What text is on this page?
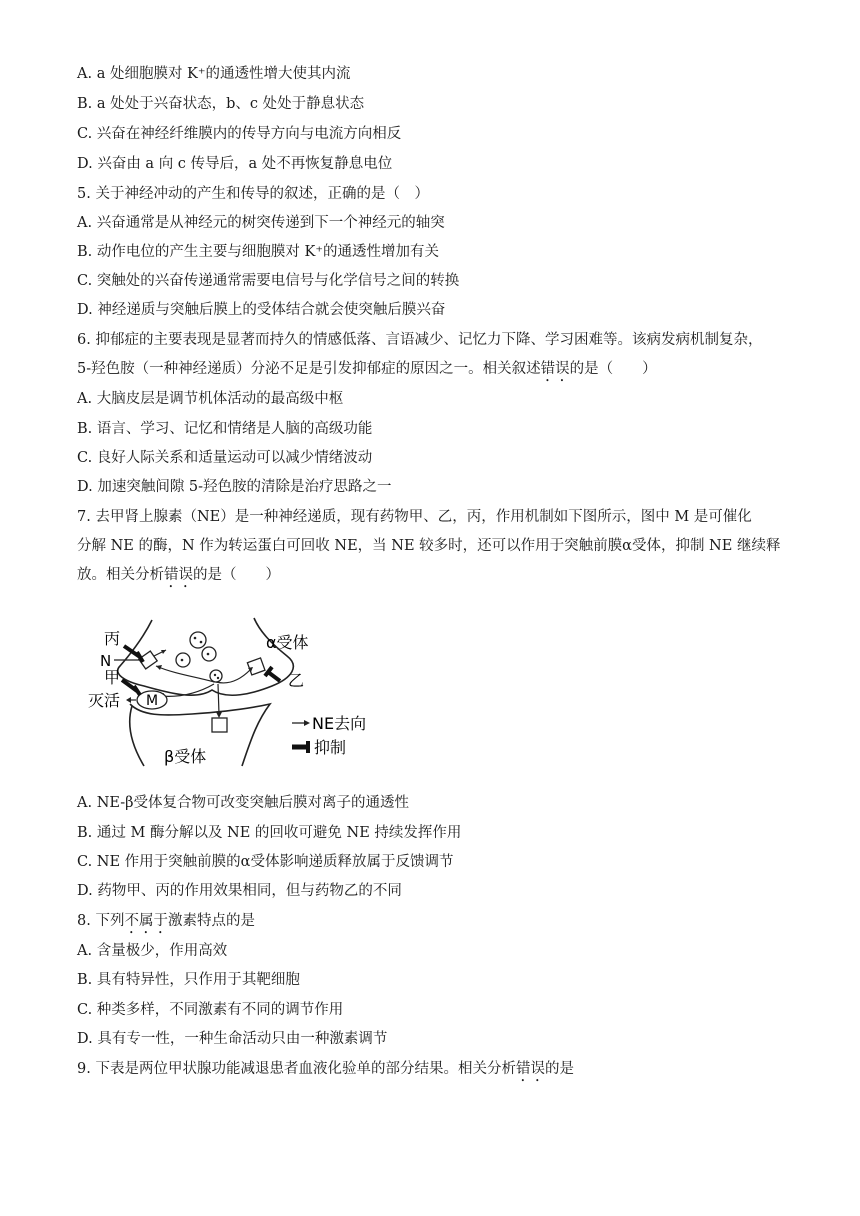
A. a 处细胞膜对 K⁺的通透性增大使其内流
B. a 处处于兴奋状态，b、c 处处于静息状态
C. 兴奋在神经纤维膜内的传导方向与电流方向相反
D. 兴奋由 a 向 c 传导后，a 处不再恢复静息电位
5. 关于神经冲动的产生和传导的叙述，正确的是（　）
A. 兴奋通常是从神经元的树突传递到下一个神经元的轴突
B. 动作电位的产生主要与细胞膜对 K⁺的通透性增加有关
C. 突触处的兴奋传递通常需要电信号与化学信号之间的转换
D. 神经递质与突触后膜上的受体结合就会使突触后膜兴奋
6. 抑郁症的主要表现是显著而持久的情感低落、言语减少、记忆力下降、学习困难等。该病发病机制复杂，
5-羟色胺（一种神经递质）分泌不足是引发抑郁症的原因之一。相关叙述错误的是（　　）
A. 大脑皮层是调节机体活动的最高级中枢
B. 语言、学习、记忆和情绪是人脑的高级功能
C. 良好人际关系和适量运动可以减少情绪波动
D. 加速突触间隙 5-羟色胺的清除是治疗思路之一
7. 去甲肾上腺素（NE）是一种神经递质，现有药物甲、乙，丙，作用机制如下图所示，图中 M 是可催化
分解 NE 的酶，N 作为转运蛋白可回收 NE，当 NE 较多时，还可以作用于突触前膜α受体，抑制 NE 继续释
放。相关分析错误的是（　　）
M
丙
N
甲
灭活
α受体
乙
β受体
NE去向
抑制
A. NE-β受体复合物可改变突触后膜对离子的通透性
B. 通过 M 酶分解以及 NE 的回收可避免 NE 持续发挥作用
C. NE 作用于突触前膜的α受体影响递质释放属于反馈调节
D. 药物甲、丙的作用效果相同，但与药物乙的不同
8. 下列不属于激素特点的是
A. 含量极少，作用高效
B. 具有特异性，只作用于其靶细胞
C. 种类多样，不同激素有不同的调节作用
D. 具有专一性，一种生命活动只由一种激素调节
9. 下表是两位甲状腺功能减退患者血液化验单的部分结果。相关分析错误的是
